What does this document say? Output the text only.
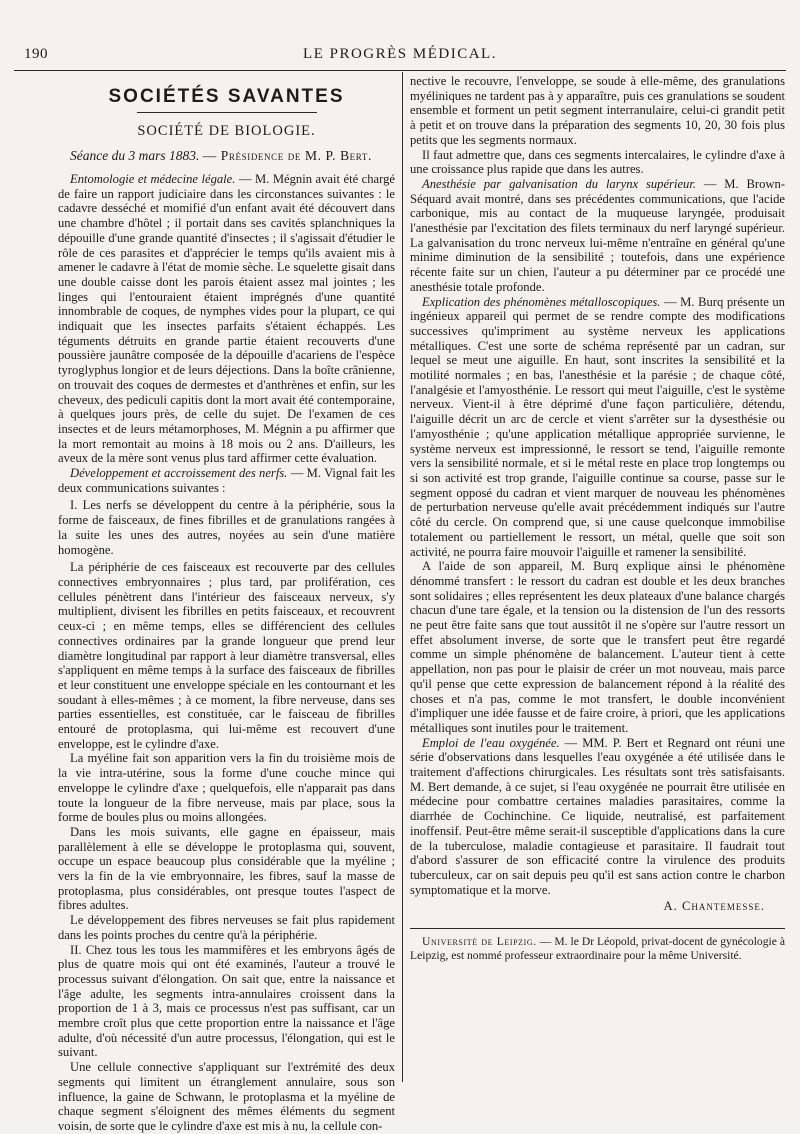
190	LE PROGRÈS MÉDICAL.
SOCIÉTÉS SAVANTES
SOCIÉTÉ DE BIOLOGIE.
Séance du 3 mars 1883. — Présidence de M. P. Bert.

Entomologie et médecine légale. — M. Mégnin avait été chargé de faire un rapport judiciaire dans les circonstances suivantes : le cadavre desséché et momifié d'un enfant avait été découvert dans une chambre d'hôtel ; il portait dans ses cavités splanchniques la dépouille d'une grande quantité d'insectes ; il s'agissait d'étudier le rôle de ces parasites et d'apprécier le temps qu'ils avaient mis à amener le cadavre à l'état de momie sèche. Le squelette gisait dans une double caisse dont les parois étaient assez mal jointes ; les linges qui l'entouraient étaient imprégnés d'une quantité innombrable de coques, de nymphes vides pour la plupart, ce qui indiquait que les insectes parfaits s'étaient échappés. Les téguments détruits en grande partie étaient recouverts d'une poussière jaunâtre composée de la dépouille d'acariens de l'espèce tyroglyphus longior et de leurs déjections. Dans la boîte crânienne, on trouvait des coques de dermestes et d'anthrènes et enfin, sur les cheveux, des pediculi capitis dont la mort avait été contemporaine, à quelques jours près, de celle du sujet. De l'examen de ces insectes et de leurs métamorphoses, M. Mégnin a pu affirmer que la mort remontait au moins à 18 mois ou 2 ans. D'ailleurs, les aveux de la mère sont venus plus tard affirmer cette évaluation.

Développement et accroissement des nerfs. — M. Vignal fait les deux communications suivantes :

I. Les nerfs se développent du centre à la périphérie, sous la forme de faisceaux, de fines fibrilles et de granulations rangées à la suite les unes des autres, noyées au sein d'une matière homogène.

La périphérie de ces faisceaux est recouverte par des cellules connectives embryonnaires ; plus tard, par prolifération, ces cellules pénètrent dans l'intérieur des faisceaux nerveux, s'y multiplient, divisent les fibrilles en petits faisceaux, et recouvrent ceux-ci ; en même temps, elles se différencient des cellules connectives ordinaires par la grande longueur que prend leur diamètre longitudinal par rapport à leur diamètre transversal, elles s'appliquent en même temps à la surface des faisceaux de fibrilles et leur constituent une enveloppe spéciale en les contournant et les soudant à elles-mêmes ; à ce moment, la fibre nerveuse, dans ses parties essentielles, est constituée, car le faisceau de fibrilles entouré de protoplasma, qui lui-même est recouvert d'une enveloppe, est le cylindre d'axe.

La myéline fait son apparition vers la fin du troisième mois de la vie intra-utérine, sous la forme d'une couche mince qui enveloppe le cylindre d'axe ; quelquefois, elle n'apparait pas dans toute la longueur de la fibre nerveuse, mais par place, sous la forme de boules plus ou moins allongées.

Dans les mois suivants, elle gagne en épaisseur, mais parallèlement à elle se développe le protoplasma qui, souvent, occupe un espace beaucoup plus considérable que la myéline ; vers la fin de la vie embryonnaire, les fibres, sauf la masse de protoplasma, plus considérables, ont presque toutes l'aspect de fibres adultes.

Le développement des fibres nerveuses se fait plus rapidement dans les points proches du centre qu'à la périphérie.

II. Chez tous les tous les mammifères et les embryons âgés de plus de quatre mois qui ont été examinés, l'auteur a trouvé le processus suivant d'élongation. On sait que, entre la naissance et l'âge adulte, les segments intra-annulaires croissent dans la proportion de 1 à 3, mais ce processus n'est pas suffisant, car un membre croît plus que cette proportion entre la naissance et l'âge adulte, d'où nécessité d'un autre processus, l'élongation, qui est le suivant.

Une cellule connective s'appliquant sur l'extrémité des deux segments qui limitent un étranglement annulaire, sous son influence, la gaine de Schwann, le protoplasma et la myéline de chaque segment s'éloignent des mêmes éléments du segment voisin, de sorte que le cylindre d'axe est mis à nu, la cellule con-

nective le recouvre, l'enveloppe, se soude à elle-même, des granulations myéliniques ne tardent pas à y apparaître, puis ces granulations se soudent ensemble et forment un petit segment interranulaire, celui-ci grandit petit à petit et on trouve dans la préparation des segments 10, 20, 30 fois plus petits que les segments normaux.

Il faut admettre que, dans ces segments intercalaires, le cylindre d'axe à une croissance plus rapide que dans les autres.

Anesthésie par galvanisation du larynx supérieur. — M. Brown-Séquard avait montré, dans ses précédentes communications, que l'acide carbonique, mis au contact de la muqueuse laryngée, produisait l'anesthésie par l'excitation des filets terminaux du nerf laryngé supérieur. La galvanisation du tronc nerveux lui-même n'entraîne en général qu'une minime diminution de la sensibilité ; toutefois, dans une expérience récente faite sur un chien, l'auteur a pu déterminer par ce procédé une anesthésie totale profonde.

Explication des phénomènes métalloscopiques. — M. Burq présente un ingénieux appareil qui permet de se rendre compte des modifications successives qu'impriment au système nerveux les applications métalliques. C'est une sorte de schéma représenté par un cadran, sur lequel se meut une aiguille. En haut, sont inscrites la sensibilité et la motilité normales ; en bas, l'anesthésie et la parésie ; de chaque côté, l'analgésie et l'amyosthénie. Le ressort qui meut l'aiguille, c'est le système nerveux. Vient-il à être déprimé d'une façon particulière, détendu, l'aiguille décrit un arc de cercle et vient s'arrêter sur la dysesthésie ou l'amyosthénie ; qu'une application métallique appropriée survienne, le système nerveux est impressionné, le ressort se tend, l'aiguille remonte vers la sensibilité normale, et si le métal reste en place trop longtemps ou si son activité est trop grande, l'aiguille continue sa course, passe sur le segment opposé du cadran et vient marquer de nouveau les phénomènes de perturbation nerveuse qu'elle avait précédemment indiqués sur l'autre côté du cercle. On comprend que, si une cause quelconque immobilise totalement ou partiellement le ressort, un métal, quelle que soit son activité, ne pourra faire mouvoir l'aiguille et ramener la sensibilité.

A l'aide de son appareil, M. Burq explique ainsi le phénomène dénommé transfert : le ressort du cadran est double et les deux branches sont solidaires ; elles représentent les deux plateaux d'une balance chargés chacun d'une tare égale, et la tension ou la distension de l'un des ressorts ne peut être faite sans que tout aussitôt il ne s'opère sur l'autre ressort un effet absolument inverse, de sorte que le transfert peut être regardé comme un simple phénomène de balancement. L'auteur tient à cette appellation, non pas pour le plaisir de créer un mot nouveau, mais parce qu'il pense que cette expression de balancement répond à la réalité des choses et n'a pas, comme le mot transfert, le double inconvénient d'impliquer une idée fausse et de faire croire, à priori, que les applications métalliques sont inutiles pour le traitement.

Emploi de l'eau oxygénée. — MM. P. Bert et Regnard ont réuni une série d'observations dans lesquelles l'eau oxygénée a été utilisée dans le traitement d'affections chirurgicales. Les résultats sont très satisfaisants. M. Bert demande, à ce sujet, si l'eau oxygénée ne pourrait être utilisée en médecine pour combattre certaines maladies parasitaires, comme la diarrhée de Cochinchine. Ce liquide, neutralisé, est parfaitement inoffensif. Peut-être même serait-il susceptible d'applications dans la cure de la tuberculose, maladie contagieuse et parasitaire. Il faudrait tout d'abord s'assurer de son efficacité contre la virulence des produits tuberculeux, car on sait depuis peu qu'il est sans action contre le charbon symptomatique et la morve.

A. Chantemesse.

Université de Leipzig. — M. le Dr Léopold, privat-docent de gynécologie à Leipzig, est nommé professeur extraordinaire pour la même Université.
